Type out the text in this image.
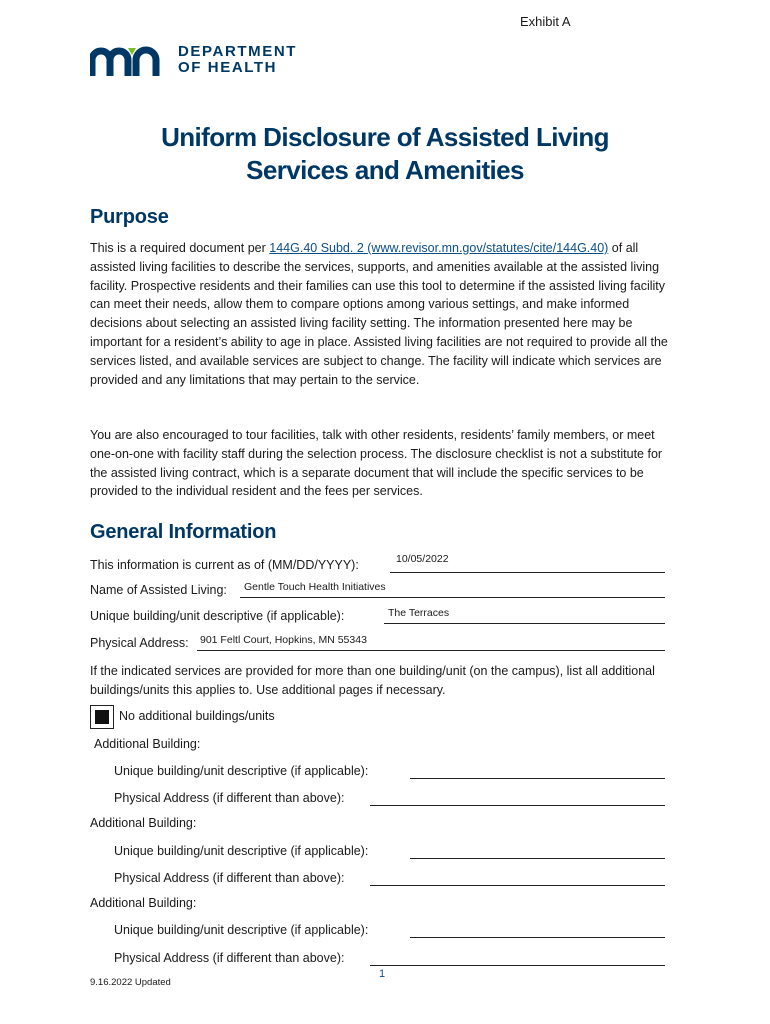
Exhibit A
DEPARTMENT
OF HEALTH
Uniform Disclosure of Assisted Living
Services and Amenities
Purpose
This is a required document per 144G.40 Subd. 2 (www.revisor.mn.gov/statutes/cite/144G.40) of all assisted living facilities to describe the services, supports, and amenities available at the assisted living facility. Prospective residents and their families can use this tool to determine if the assisted living facility can meet their needs, allow them to compare options among various settings, and make informed decisions about selecting an assisted living facility setting. The information presented here may be important for a resident’s ability to age in place. Assisted living facilities are not required to provide all the services listed, and available services are subject to change. The facility will indicate which services are provided and any limitations that may pertain to the service.
You are also encouraged to tour facilities, talk with other residents, residents’ family members, or meet one-on-one with facility staff during the selection process. The disclosure checklist is not a substitute for the assisted living contract, which is a separate document that will include the specific services to be provided to the individual resident and the fees per services.
General Information
This information is current as of (MM/DD/YYYY):	10/05/2022
Name of Assisted Living: Gentle Touch Health Initiatives
Unique building/unit descriptive (if applicable):	The Terraces
Physical Address: 901 Feltl Court, Hopkins, MN 55343
If the indicated services are provided for more than one building/unit (on the campus), list all additional buildings/units this applies to. Use additional pages if necessary.
No additional buildings/units
Additional Building:
Unique building/unit descriptive (if applicable):
Physical Address (if different than above):
Additional Building:
Unique building/unit descriptive (if applicable):
Physical Address (if different than above):
Additional Building:
Unique building/unit descriptive (if applicable):
Physical Address (if different than above):
1
9.16.2022 Updated
